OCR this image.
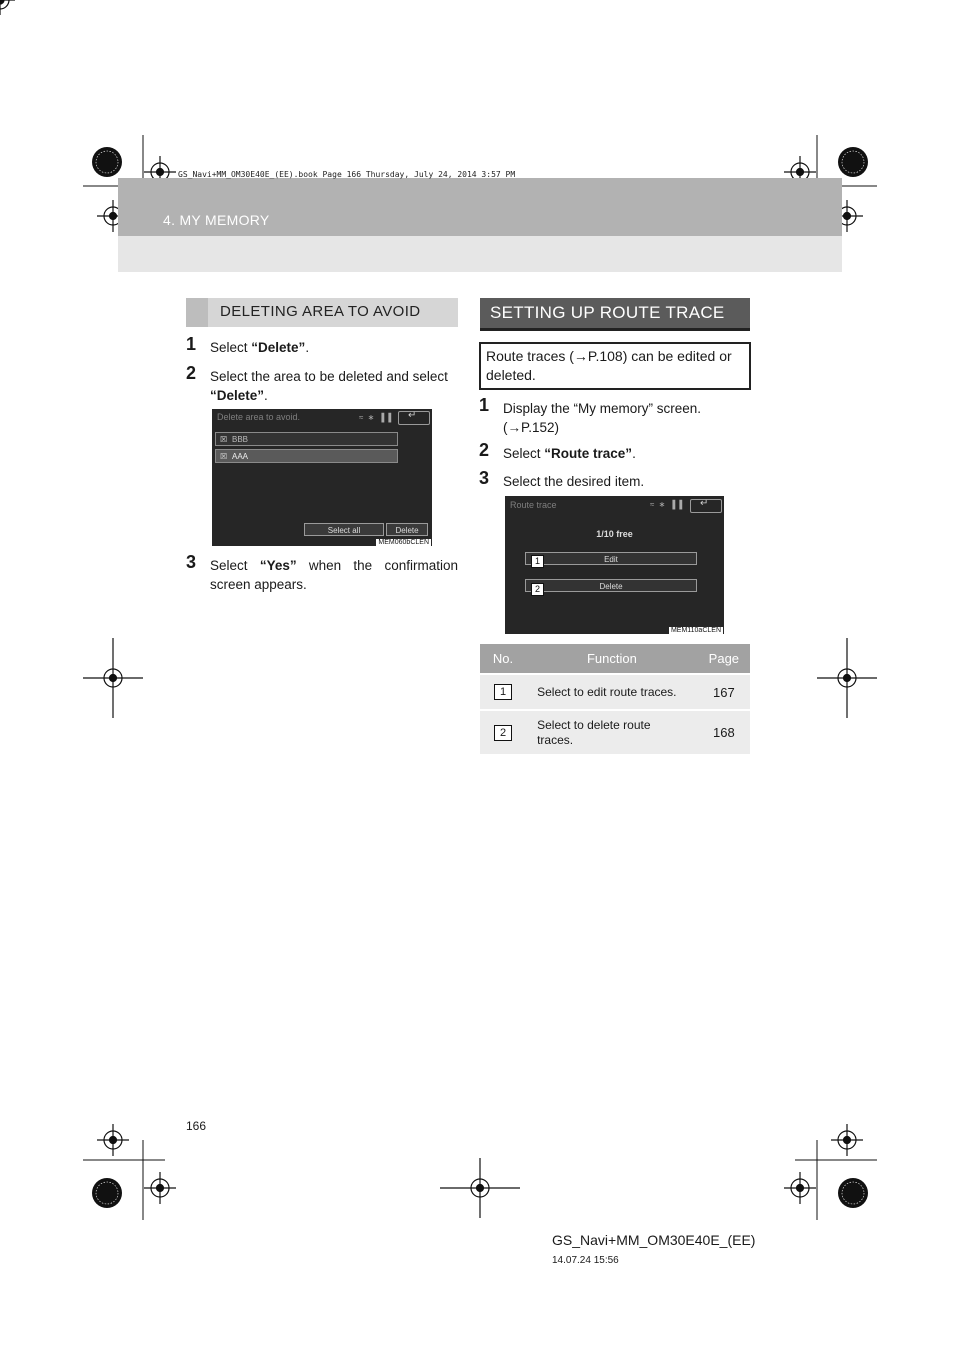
GS_Navi+MM_OM30E40E_(EE).book Page 166 Thursday, July 24, 2014 3:57 PM
4. MY MEMORY
DELETING AREA TO AVOID
1 Select “Delete”.
2 Select the area to be deleted and select “Delete”.
Delete area to avoid.	≈ ∗ ▐ ▌
↵
☒ BBB
☒ AAA
Select all	Delete
MEM060bCLEN
3 Select “Yes” when the confirmation screen appears.
SETTING UP ROUTE TRACE
Route traces (→P.108) can be edited or deleted.
1 Display the “My memory” screen. (→P.152)
2 Select “Route trace”.
3 Select the desired item.
Route trace	≈ ∗ ▐ ▌
↵
1/10 free
Edit
Delete
1
2
MEM110aCLEN
No.	Function	Page
1	Select to edit route traces.	167
2	Select to delete route traces.	168
166
GS_Navi+MM_OM30E40E_(EE)
14.07.24 15:56
